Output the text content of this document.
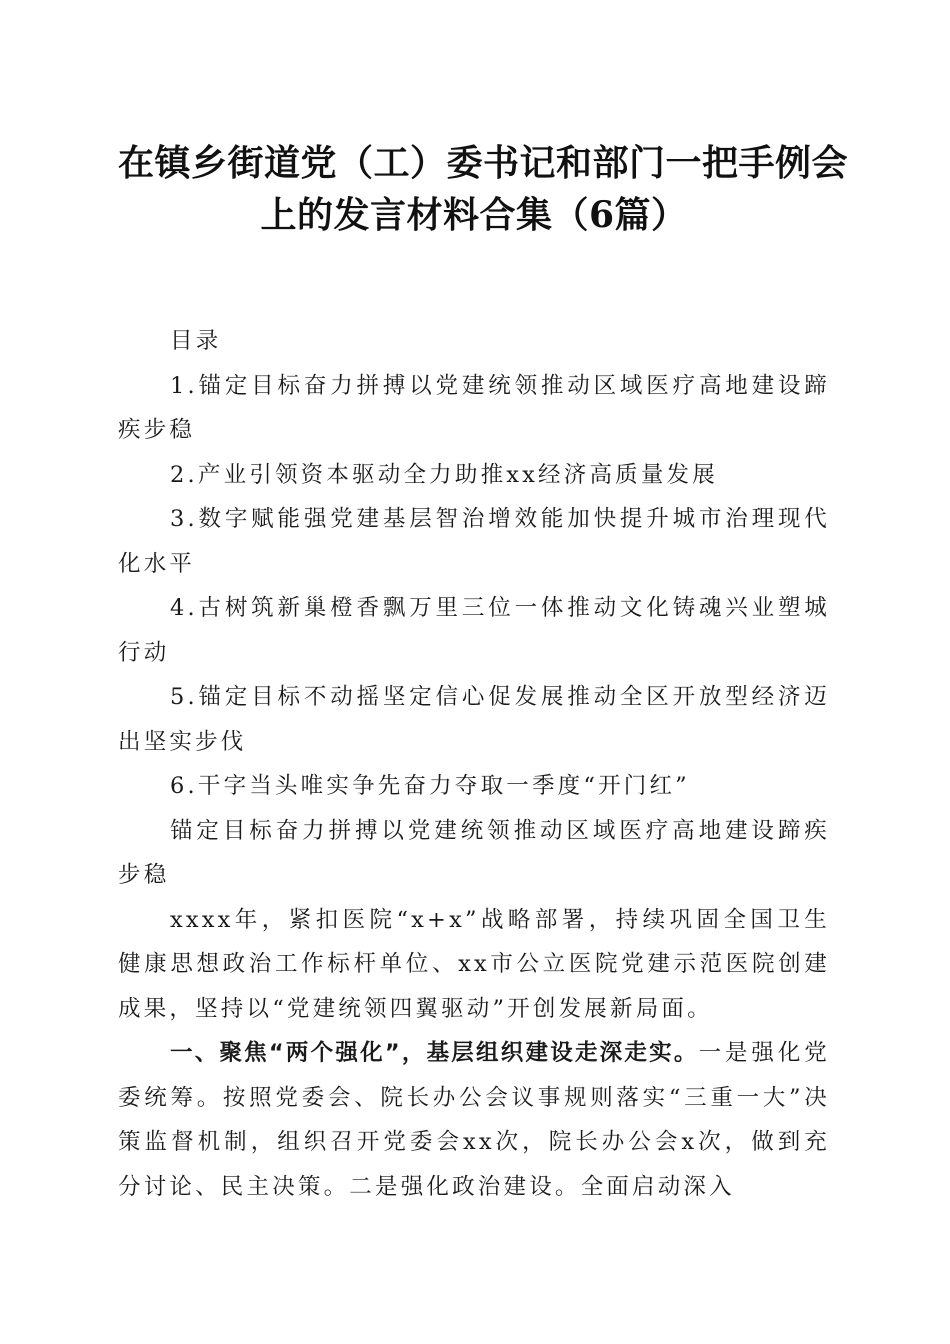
在镇乡街道党（工）委书记和部门一把手例会
上的发言材料合集（6篇）

目录

1.锚定目标奋力拼搏以党建统领推动区域医疗高地建设蹄疾步稳

2.产业引领资本驱动全力助推xx经济高质量发展

3.数字赋能强党建基层智治增效能加快提升城市治理现代化水平

4.古树筑新巢橙香飘万里三位一体推动文化铸魂兴业塑城行动

5.锚定目标不动摇坚定信心促发展推动全区开放型经济迈出坚实步伐

6.干字当头唯实争先奋力夺取一季度“开门红”

锚定目标奋力拼搏以党建统领推动区域医疗高地建设蹄疾步稳

xxxx年，紧扣医院“x+x”战略部署，持续巩固全国卫生健康思想政治工作标杆单位、xx市公立医院党建示范医院创建成果，坚持以“党建统领四翼驱动”开创发展新局面。

一、聚焦“两个强化”，基层组织建设走深走实。一是强化党委统筹。按照党委会、院长办公会议事规则落实“三重一大”决策监督机制，组织召开党委会xx次，院长办公会x次，做到充分讨论、民主决策。二是强化政治建设。全面启动深入
